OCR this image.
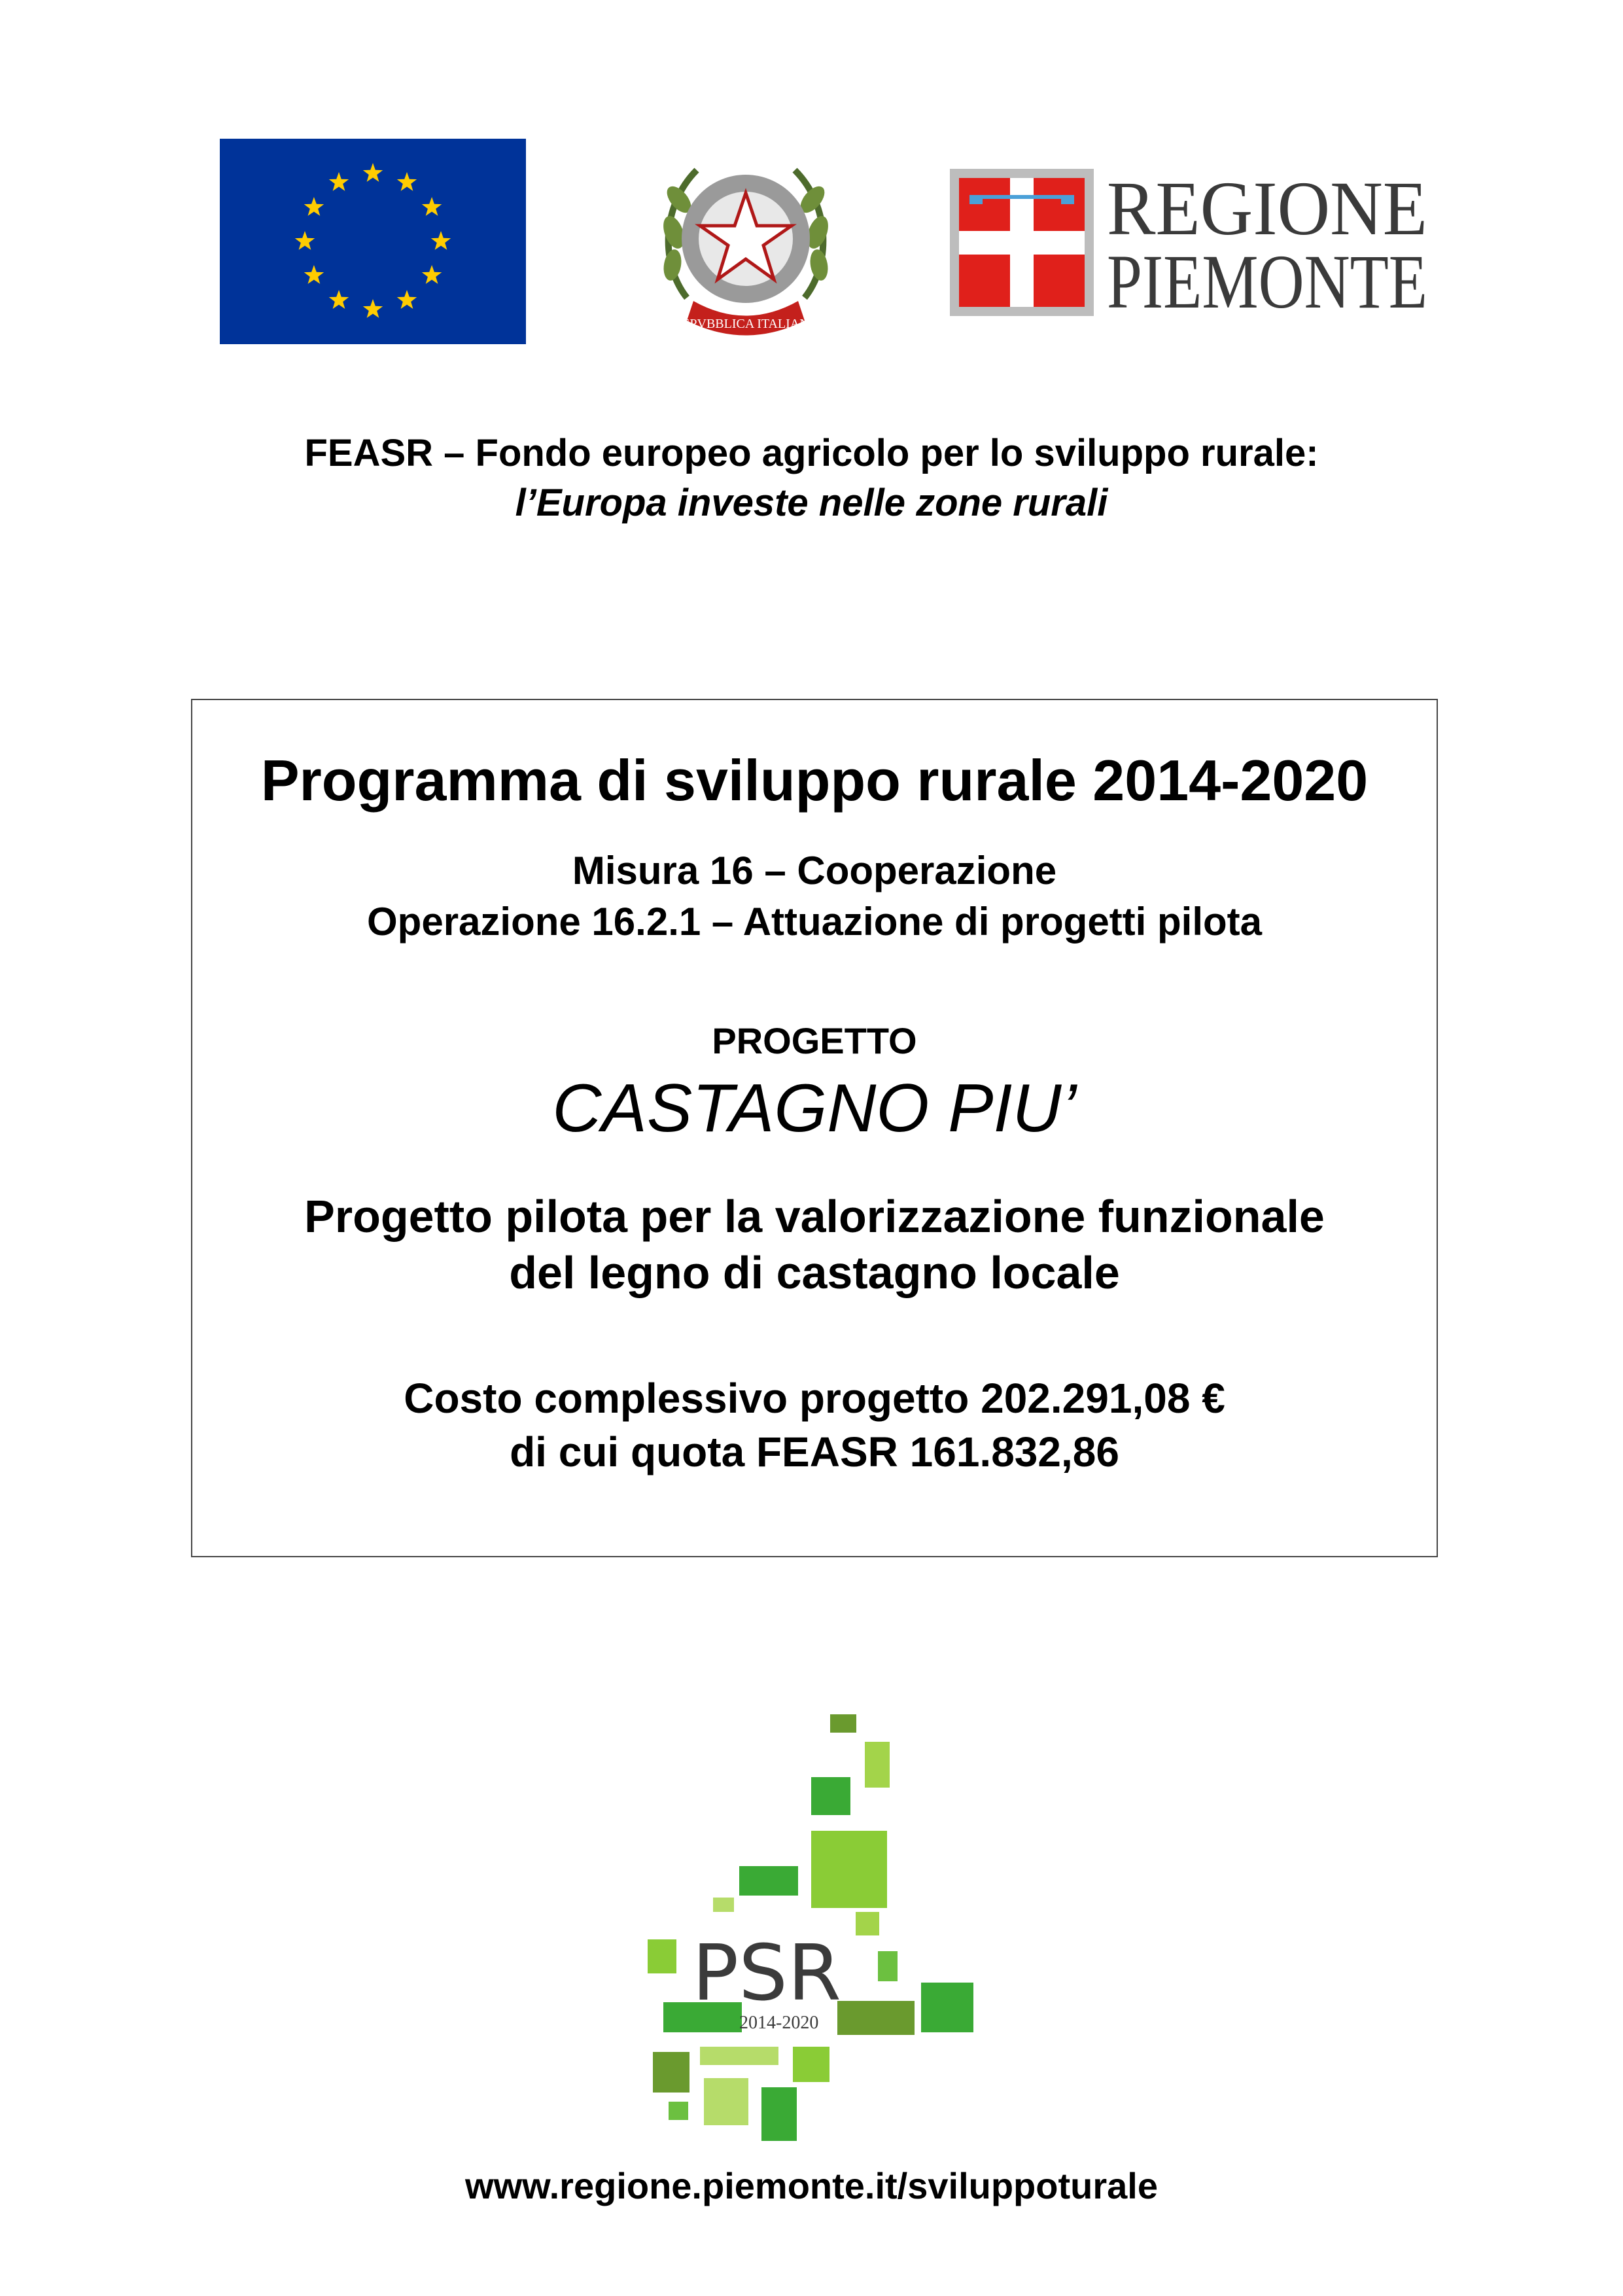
REPVBBLICA ITALIANA
REGIONE
PIEMONTE
FEASR – Fondo europeo agricolo per lo sviluppo rurale:
l’Europa investe nelle zone rurali
Programma di sviluppo rurale 2014-2020
Misura 16 – Cooperazione
Operazione 16.2.1 – Attuazione di progetti pilota
PROGETTO
CASTAGNO PIU’
Progetto pilota per la valorizzazione funzionale
del legno di castagno locale
Costo complessivo progetto 202.291,08 €
di cui quota FEASR 161.832,86
PSR
2014-2020
www.regione.piemonte.it/sviluppoturale
